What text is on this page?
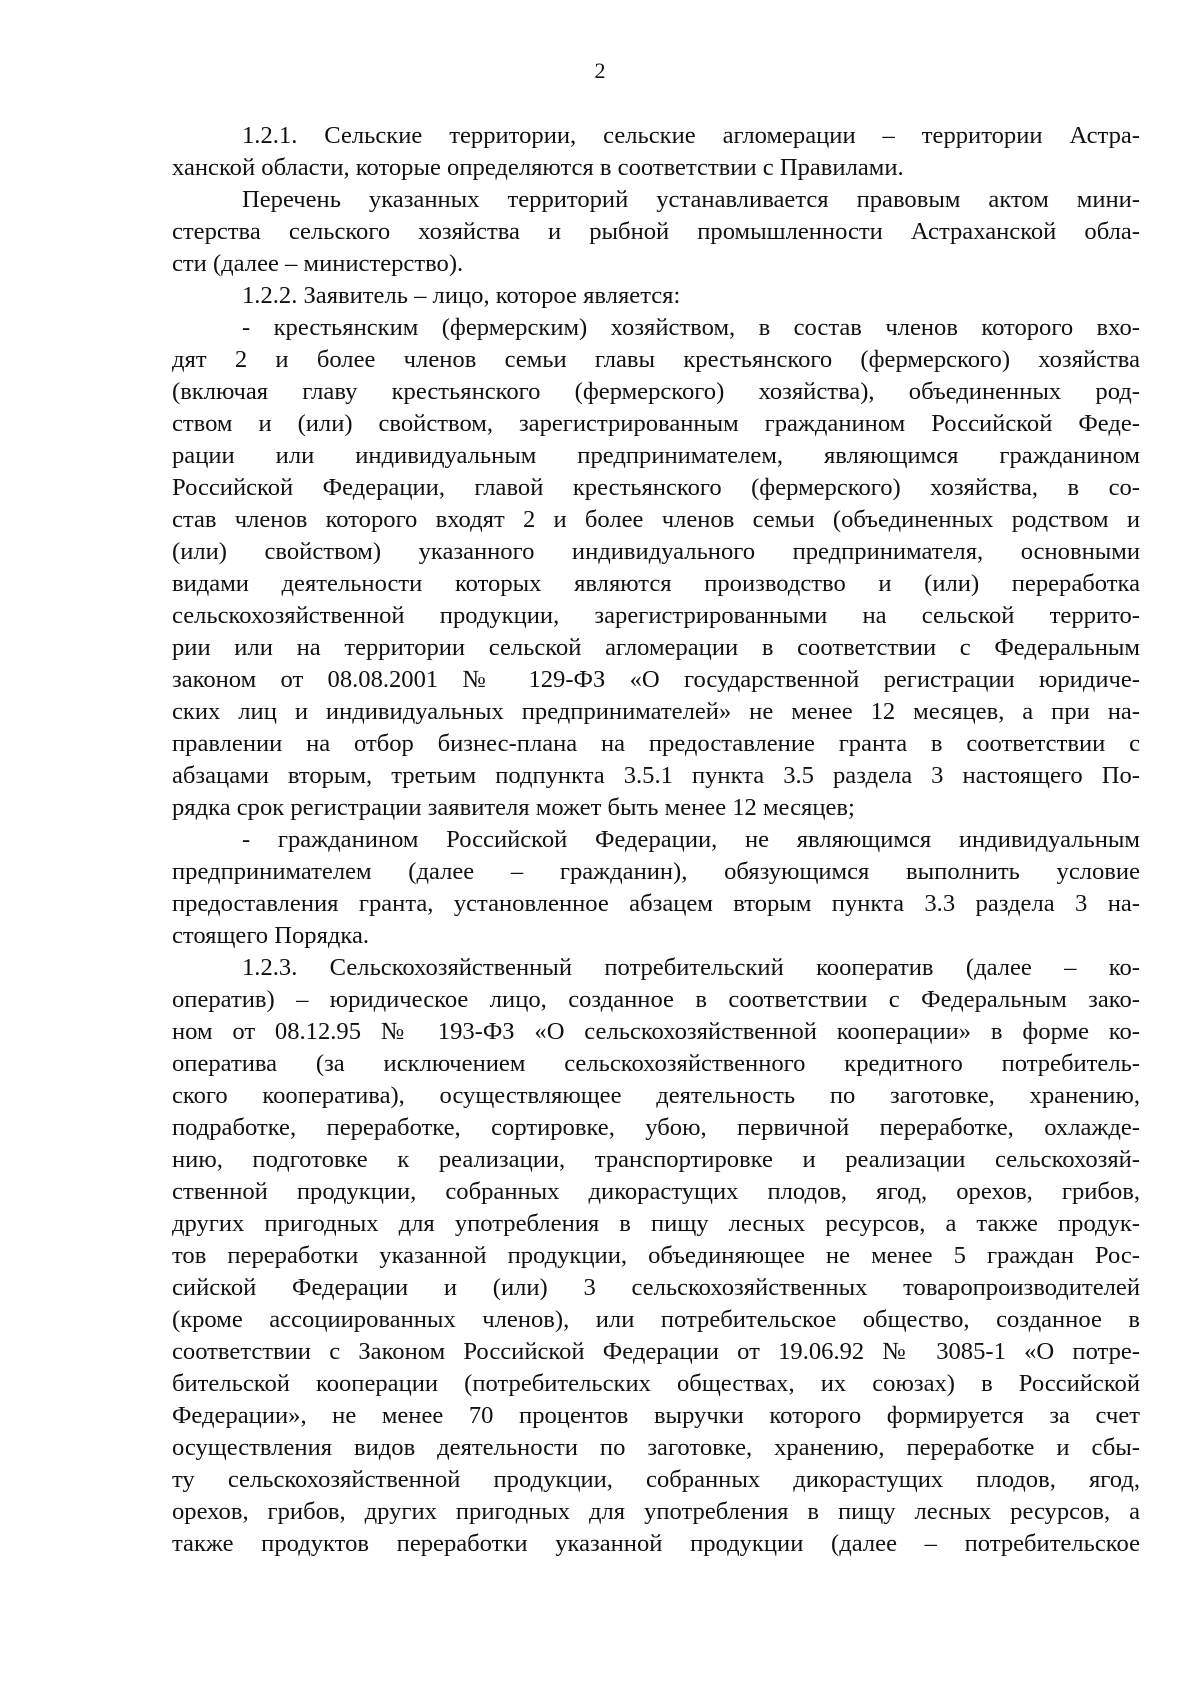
2
1.2.1. Сельские территории, сельские агломерации – территории Астра-
ханской области, которые определяются в соответствии с Правилами.
Перечень указанных территорий устанавливается правовым актом мини-
стерства сельского хозяйства и рыбной промышленности Астраханской обла-
сти (далее – министерство).
1.2.2. Заявитель – лицо, которое является:
- крестьянским (фермерским) хозяйством, в состав членов которого вхо-
дят 2 и более членов семьи главы крестьянского (фермерского) хозяйства
(включая главу крестьянского (фермерского) хозяйства), объединенных род-
ством и (или) свойством, зарегистрированным гражданином Российской Феде-
рации или индивидуальным предпринимателем, являющимся гражданином
Российской Федерации, главой крестьянского (фермерского) хозяйства, в со-
став членов которого входят 2 и более членов семьи (объединенных родством и
(или) свойством) указанного индивидуального предпринимателя, основными
видами деятельности которых являются производство и (или) переработка
сельскохозяйственной продукции, зарегистрированными на сельской террито-
рии или на территории сельской агломерации в соответствии с Федеральным
законом от 08.08.2001 № 129-ФЗ «О государственной регистрации юридиче-
ских лиц и индивидуальных предпринимателей» не менее 12 месяцев, а при на-
правлении на отбор бизнес-плана на предоставление гранта в соответствии с
абзацами вторым, третьим подпункта 3.5.1 пункта 3.5 раздела 3 настоящего По-
рядка срок регистрации заявителя может быть менее 12 месяцев;
- гражданином Российской Федерации, не являющимся индивидуальным
предпринимателем (далее – гражданин), обязующимся выполнить условие
предоставления гранта, установленное абзацем вторым пункта 3.3 раздела 3 на-
стоящего Порядка.
1.2.3. Сельскохозяйственный потребительский кооператив (далее – ко-
оператив) – юридическое лицо, созданное в соответствии с Федеральным зако-
ном от 08.12.95 № 193-ФЗ «О сельскохозяйственной кооперации» в форме ко-
оператива (за исключением сельскохозяйственного кредитного потребитель-
ского кооператива), осуществляющее деятельность по заготовке, хранению,
подработке, переработке, сортировке, убою, первичной переработке, охлажде-
нию, подготовке к реализации, транспортировке и реализации сельскохозяй-
ственной продукции, собранных дикорастущих плодов, ягод, орехов, грибов,
других пригодных для употребления в пищу лесных ресурсов, а также продук-
тов переработки указанной продукции, объединяющее не менее 5 граждан Рос-
сийской Федерации и (или) 3 сельскохозяйственных товаропроизводителей
(кроме ассоциированных членов), или потребительское общество, созданное в
соответствии с Законом Российской Федерации от 19.06.92 № 3085-1 «О потре-
бительской кооперации (потребительских обществах, их союзах) в Российской
Федерации», не менее 70 процентов выручки которого формируется за счет
осуществления видов деятельности по заготовке, хранению, переработке и сбы-
ту сельскохозяйственной продукции, собранных дикорастущих плодов, ягод,
орехов, грибов, других пригодных для употребления в пищу лесных ресурсов, а
также продуктов переработки указанной продукции (далее – потребительское
